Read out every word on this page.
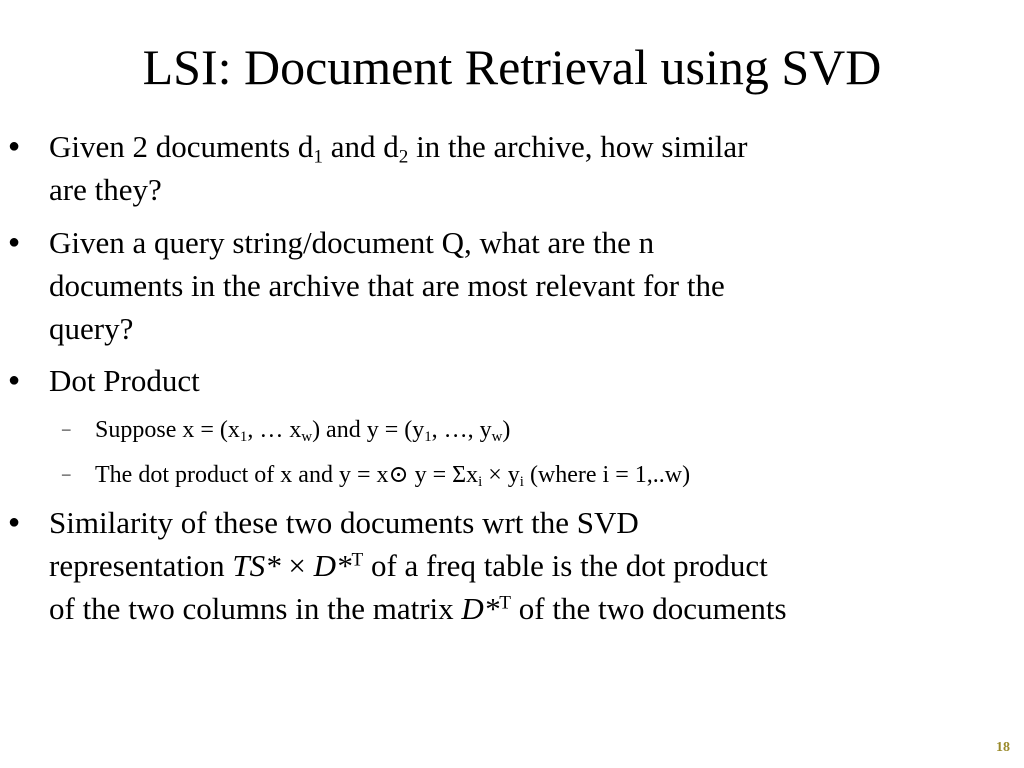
LSI: Document Retrieval using SVD
● Given 2 documents $d_1$ and $d_2$ in the archive, how similar
are they?
● Given a query string/document Q, what are the n
documents in the archive that are most relevant for the
query?
● Dot Product
– Suppose $x = (x_1$, … $x_w$) and $y = (y_1$, …, $y_w$)
– The dot product of x and y = x⊙ $y = \Sigma x_i \times y_i$ (where i = 1,..w)
● Similarity of these two documents wrt the SVD
representation TS* × D*$^T$ of a freq table is the dot product
of the two columns in the matrix D*$^T$ of the two documents
18
